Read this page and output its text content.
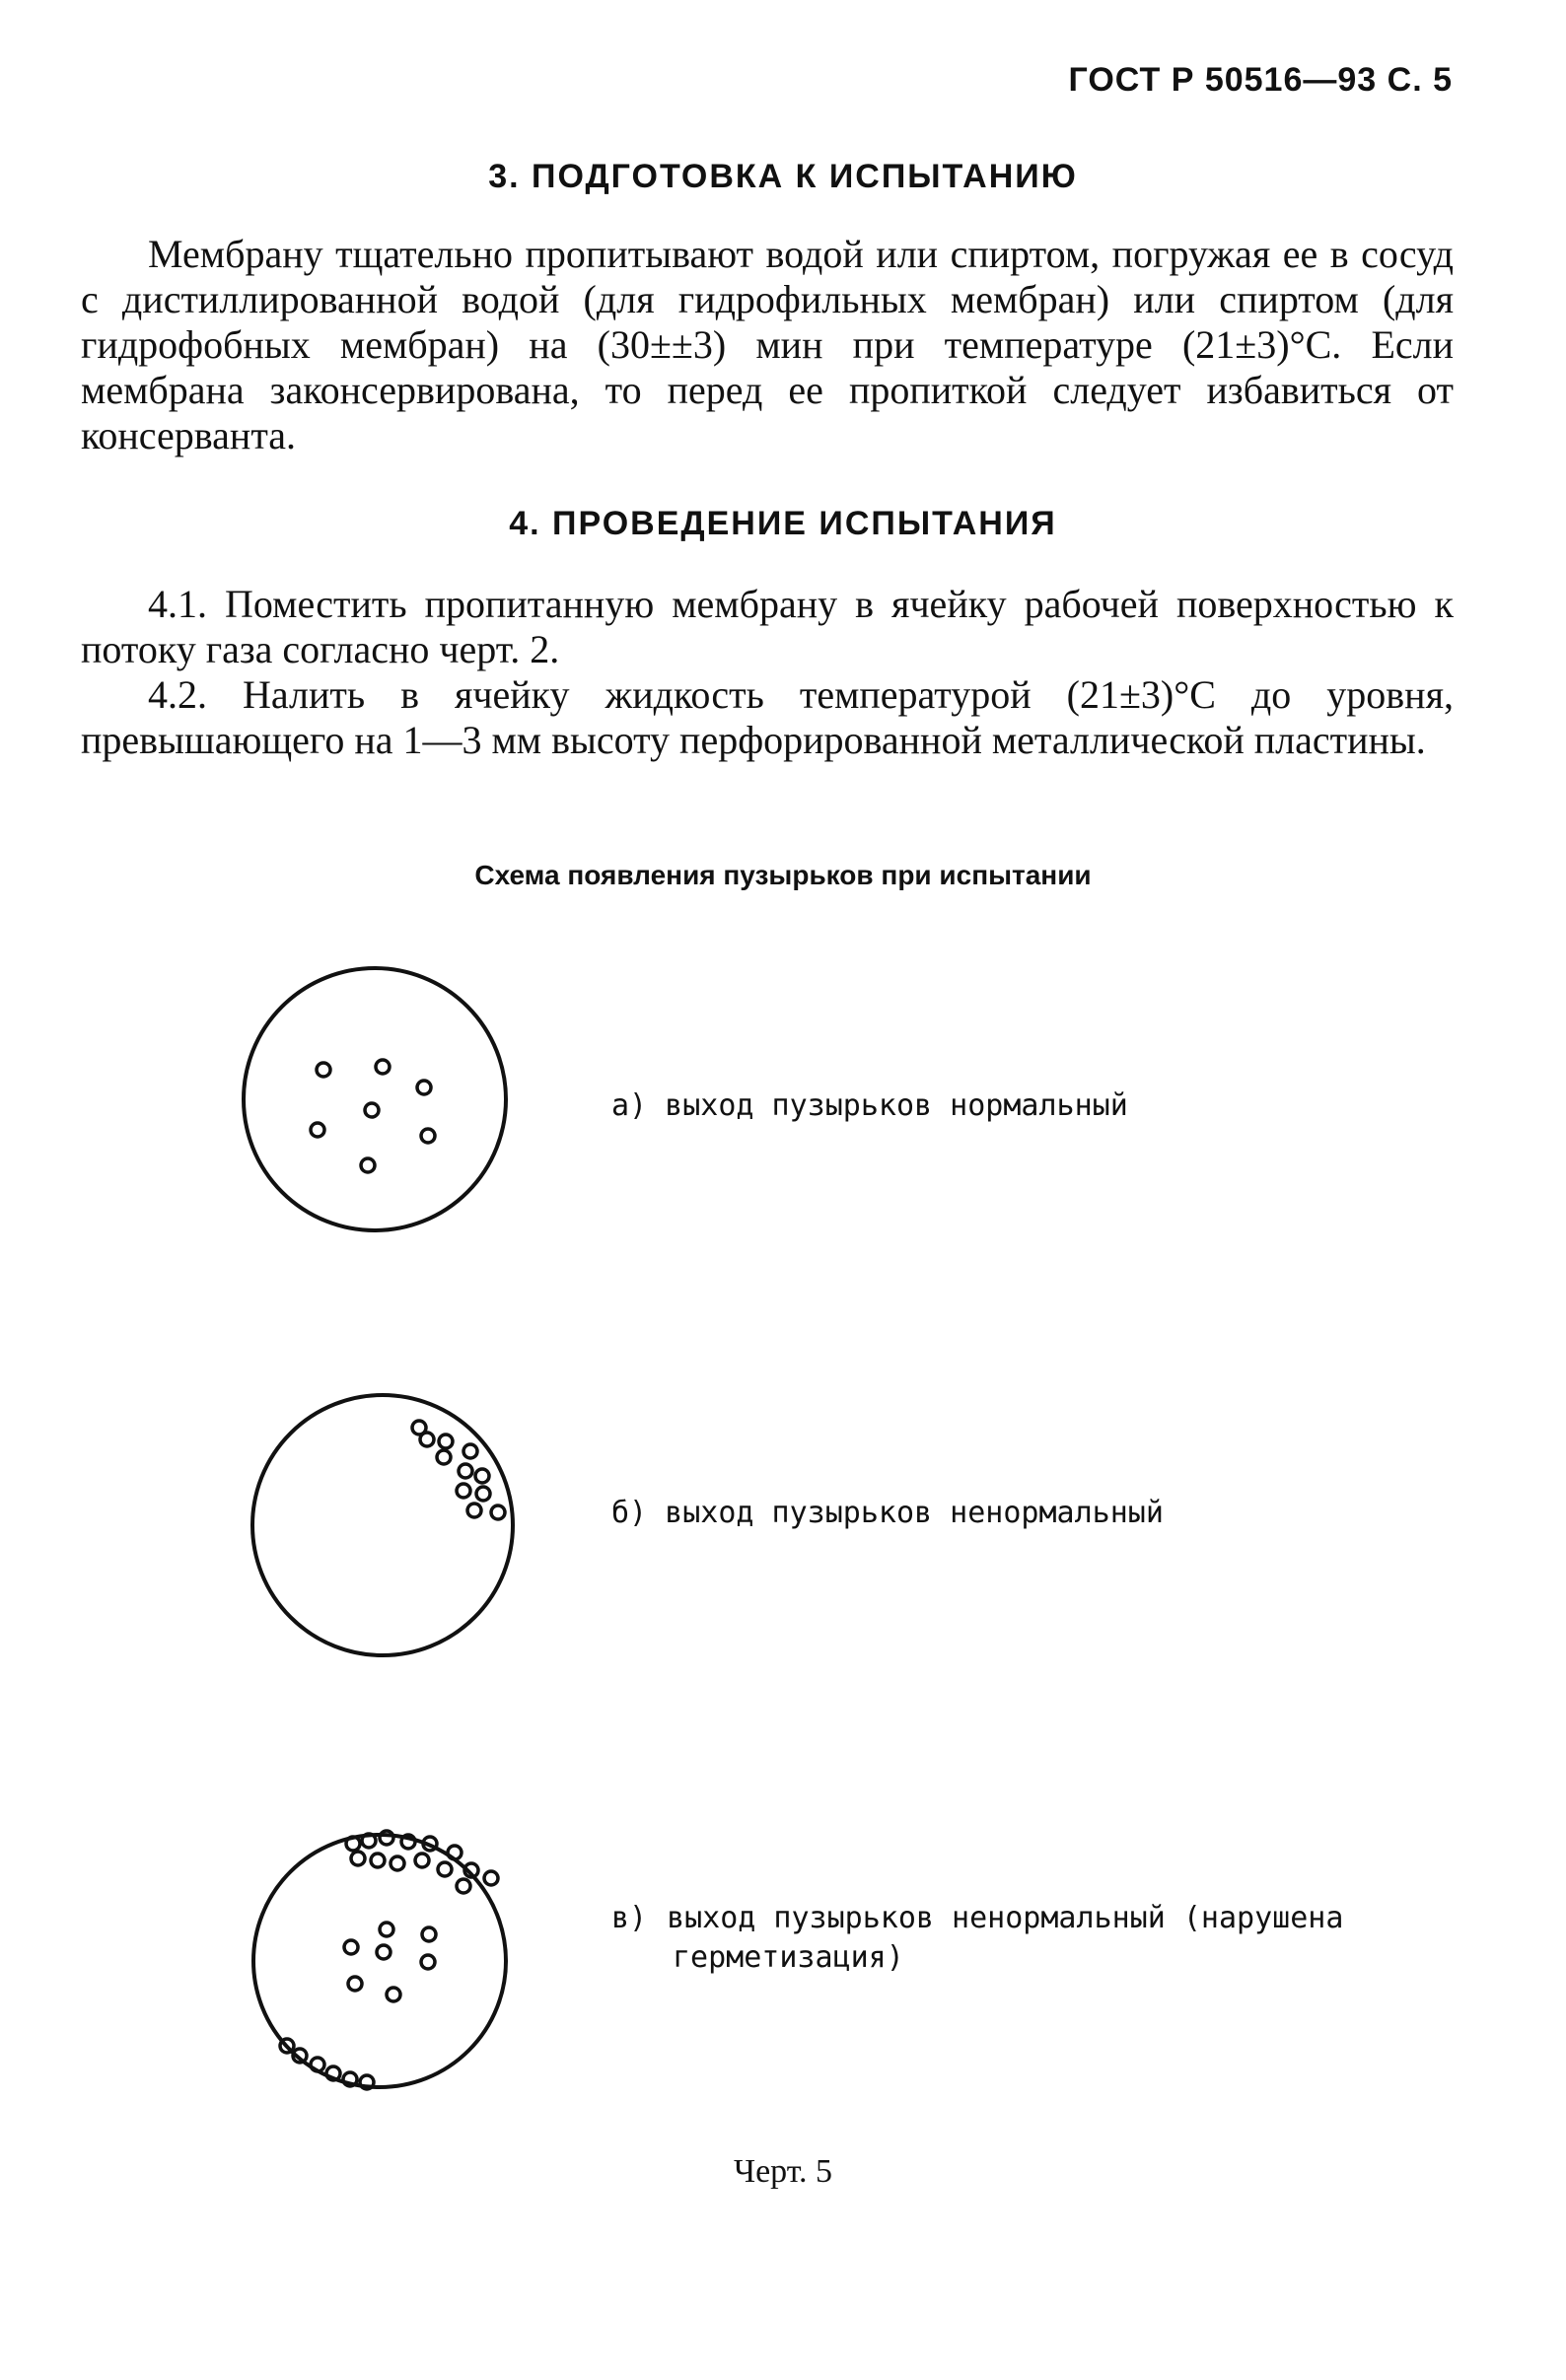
ГОСТ Р 50516—93 С. 5
3. ПОДГОТОВКА К ИСПЫТАНИЮ
Мембрану тщательно пропитывают водой или спиртом, погружая ее в сосуд с дистиллированной водой (для гидрофильных мембран) или спиртом (для гидрофобных мембран) на (30±±3) мин при температуре (21±3)°С. Если мембрана законсервирована, то перед ее пропиткой следует избавиться от консерванта.
4. ПРОВЕДЕНИЕ ИСПЫТАНИЯ
4.1. Поместить пропитанную мембрану в ячейку рабочей поверхностью к потоку газа согласно черт. 2.
4.2. Налить в ячейку жидкость температурой (21±3)°С до уровня, превышающего на 1—3 мм высоту перфорированной металлической пластины.
Схема появления пузырьков при испытании
а) выход пузырьков нормальный
б) выход пузырьков ненормальный
в) выход пузырьков ненормальный (нарушена
герметизация)
Черт. 5
